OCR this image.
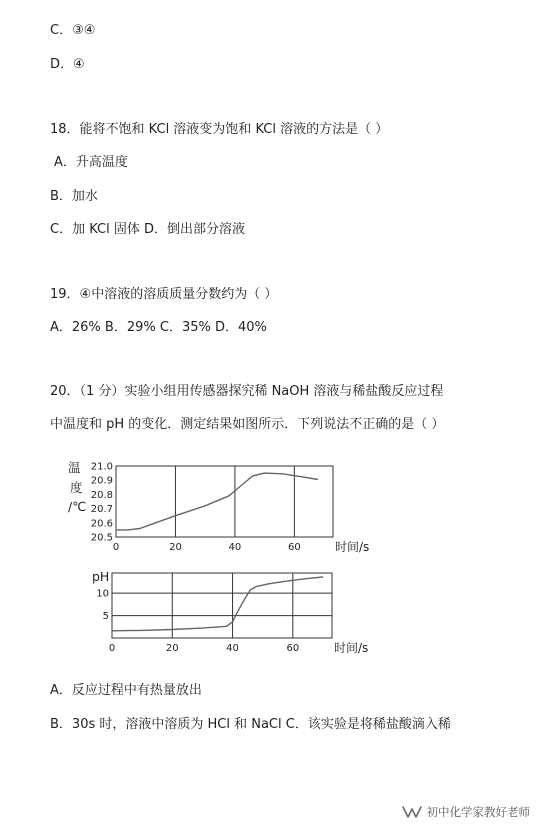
C．③④
D．④
18．能将不饱和 KCl 溶液变为饱和 KCl 溶液的方法是（ ）
A．升高温度
B．加水
C．加 KCl 固体 D．倒出部分溶液
19．④中溶液的溶质质量分数约为（ ）
A．26% B．29% C．35% D．40%
20．（1 分）实验小组用传感器探究稀 NaOH 溶液与稀盐酸反应过程
中温度和 pH 的变化．测定结果如图所示．下列说法不正确的是（ ）
温
度
/℃
0	20	40	60
20.5
20.6
20.7
20.8
20.9
21.0
时间/s
pH
0	20	40	60
5
10
时间/s
A．反应过程中有热量放出
B．30s 时，溶液中溶质为 HCl 和 NaCl C．该实验是将稀盐酸滴入稀
初中化学家教好老师
